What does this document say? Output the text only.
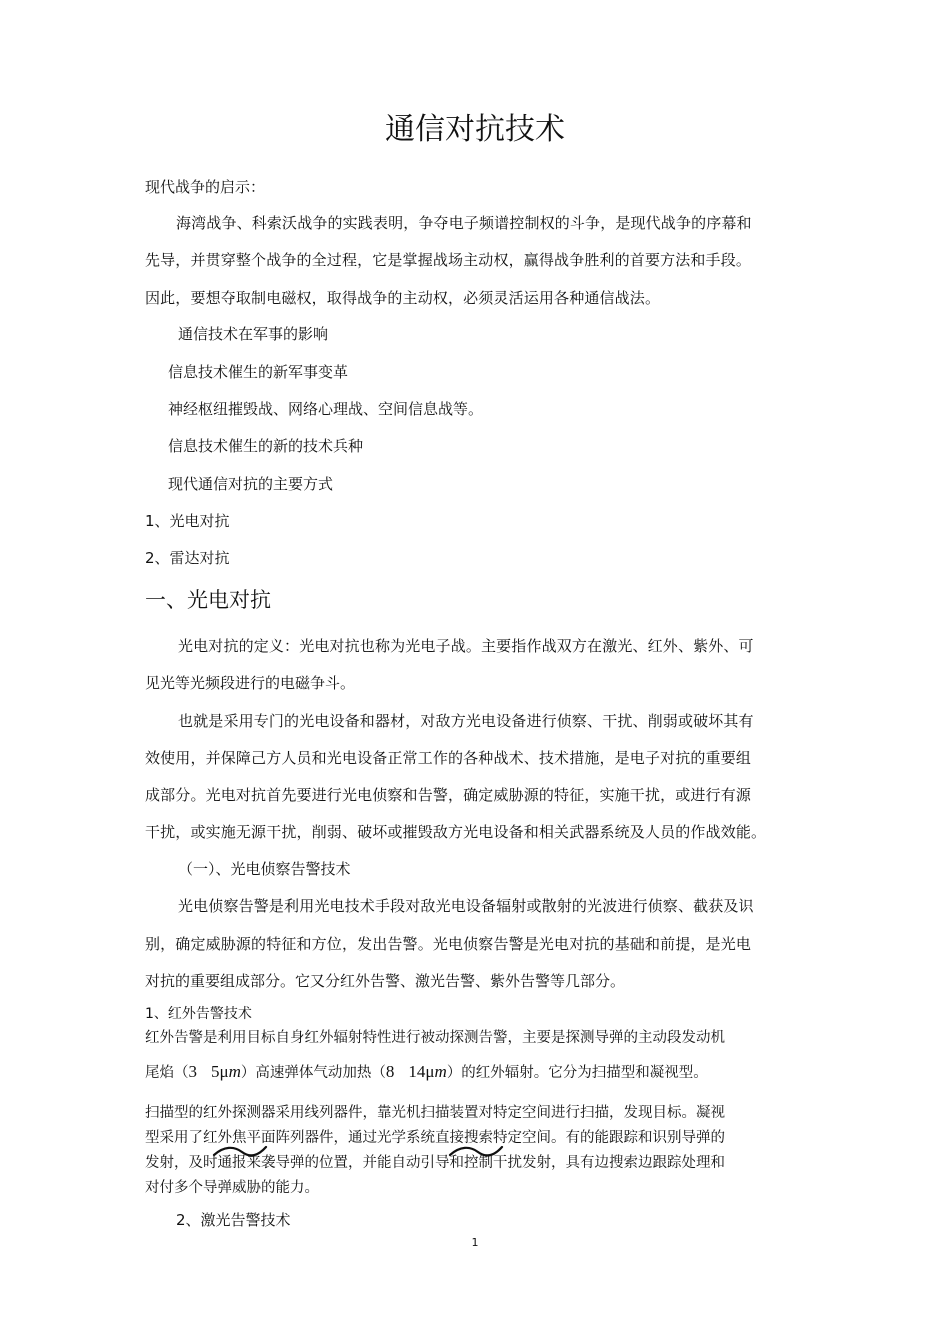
通信对抗技术
现代战争的启示：
海湾战争、科索沃战争的实践表明，争夺电子频谱控制权的斗争，是现代战争的序幕和
先导，并贯穿整个战争的全过程，它是掌握战场主动权，赢得战争胜利的首要方法和手段。
因此，要想夺取制电磁权，取得战争的主动权，必须灵活运用各种通信战法。
通信技术在军事的影响
信息技术催生的新军事变革
神经枢纽摧毁战、网络心理战、空间信息战等。
信息技术催生的新的技术兵种
现代通信对抗的主要方式
1、光电对抗
2、雷达对抗
一、光电对抗
光电对抗的定义：光电对抗也称为光电子战。主要指作战双方在激光、红外、紫外、可
见光等光频段进行的电磁争斗。
也就是采用专门的光电设备和器材，对敌方光电设备进行侦察、干扰、削弱或破坏其有
效使用，并保障己方人员和光电设备正常工作的各种战术、技术措施，是电子对抗的重要组
成部分。光电对抗首先要进行光电侦察和告警，确定威胁源的特征，实施干扰，或进行有源
干扰，或实施无源干扰，削弱、破坏或摧毁敌方光电设备和相关武器系统及人员的作战效能。
（一）、光电侦察告警技术
光电侦察告警是利用光电技术手段对敌光电设备辐射或散射的光波进行侦察、截获及识
别，确定威胁源的特征和方位，发出告警。光电侦察告警是光电对抗的基础和前提，是光电
对抗的重要组成部分。它又分红外告警、激光告警、紫外告警等几部分。
1、红外告警技术
红外告警是利用目标自身红外辐射特性进行被动探测告警，主要是探测导弹的主动段发动机
尾焰（3 5μm）高速弹体气动加热（8 14μm）的红外辐射。它分为扫描型和凝视型。
扫描型的红外探测器采用线列器件，靠光机扫描装置对特定空间进行扫描，发现目标。凝视
型采用了红外焦平面阵列器件，通过光学系统直接搜索特定空间。有的能跟踪和识别导弹的
发射，及时通报来袭导弹的位置，并能自动引导和控制干扰发射，具有边搜索边跟踪处理和
对付多个导弹威胁的能力。
2、激光告警技术
1
